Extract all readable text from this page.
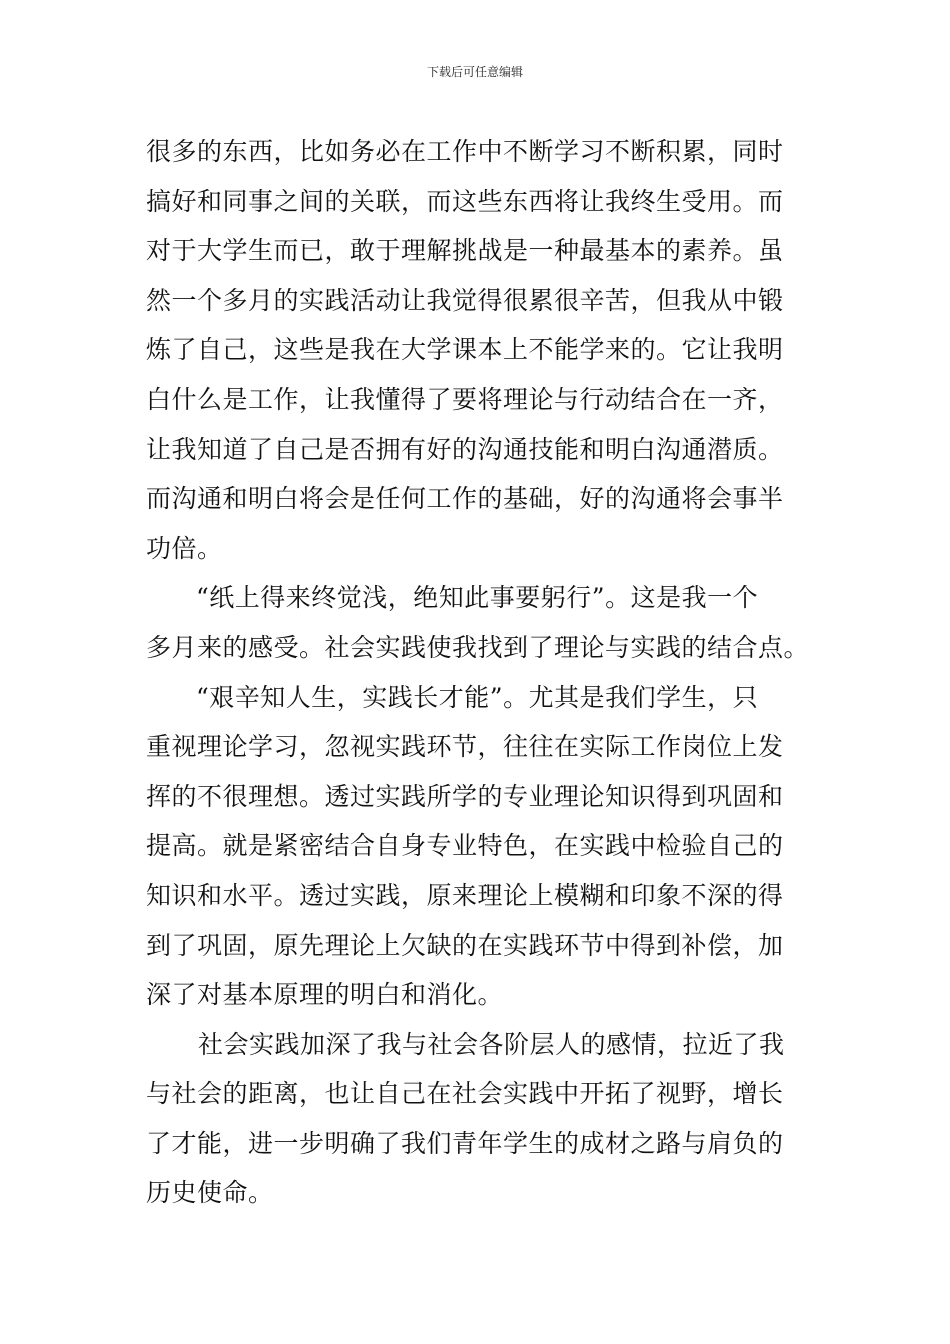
下载后可任意编辑
很多的东西，比如务必在工作中不断学习不断积累，同时
搞好和同事之间的关联，而这些东西将让我终生受用。而
对于大学生而已，敢于理解挑战是一种最基本的素养。虽
然一个多月的实践活动让我觉得很累很辛苦，但我从中锻
炼了自己，这些是我在大学课本上不能学来的。它让我明
白什么是工作，让我懂得了要将理论与行动结合在一齐，
让我知道了自己是否拥有好的沟通技能和明白沟通潜质。
而沟通和明白将会是任何工作的基础，好的沟通将会事半
功倍。
“纸上得来终觉浅，绝知此事要躬行”。这是我一个
多月来的感受。社会实践使我找到了理论与实践的结合点。
“艰辛知人生，实践长才能”。尤其是我们学生，只
重视理论学习，忽视实践环节，往往在实际工作岗位上发
挥的不很理想。透过实践所学的专业理论知识得到巩固和
提高。就是紧密结合自身专业特色，在实践中检验自己的
知识和水平。透过实践，原来理论上模糊和印象不深的得
到了巩固，原先理论上欠缺的在实践环节中得到补偿，加
深了对基本原理的明白和消化。
社会实践加深了我与社会各阶层人的感情，拉近了我
与社会的距离，也让自己在社会实践中开拓了视野，增长
了才能，进一步明确了我们青年学生的成材之路与肩负的
历史使命。
